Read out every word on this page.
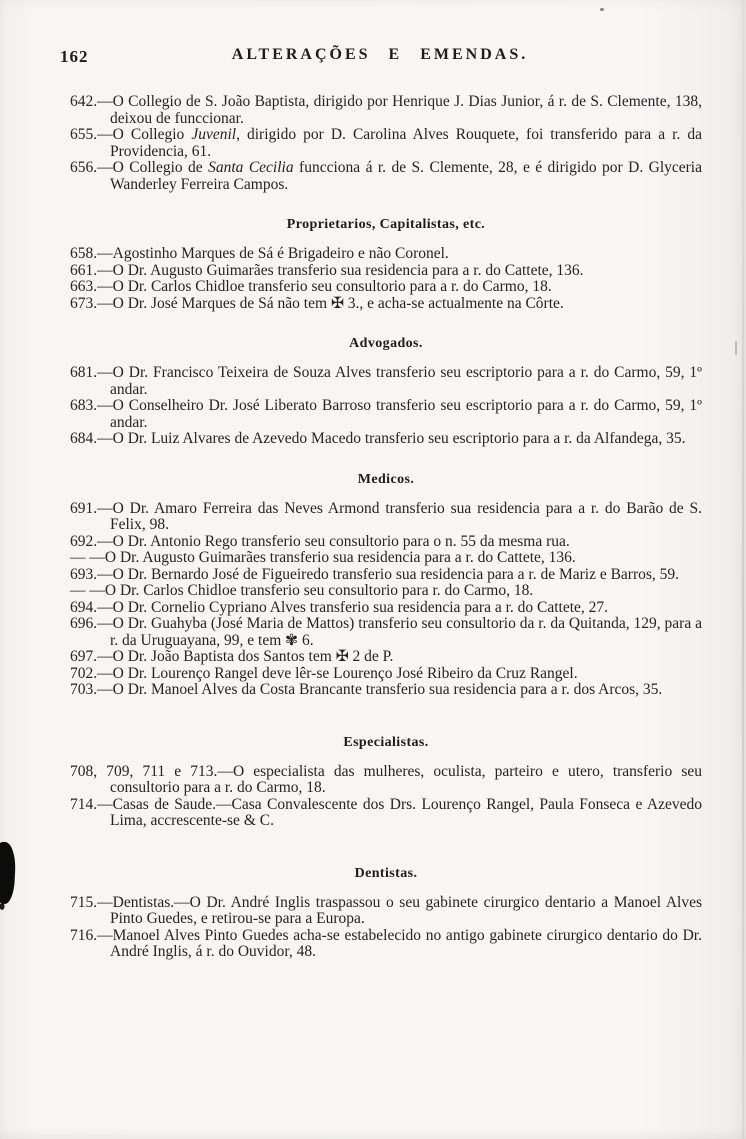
162	ALTERAÇÕES E EMENDAS.

642.—O Collegio de S. João Baptista, dirigido por Henrique J. Dias Junior, á r. de S. Clemente, 138, deixou de funccionar.

655.—O Collegio Juvenil, dirigido por D. Carolina Alves Rouquete, foi transferido para a r. da Providencia, 61.

656.—O Collegio de Santa Cecilia funcciona á r. de S. Clemente, 28, e é dirigido por D. Glyceria Wanderley Ferreira Campos.

Proprietarios, Capitalistas, etc.

658.—Agostinho Marques de Sá é Brigadeiro e não Coronel.

661.—O Dr. Augusto Guimarães transferio sua residencia para a r. do Cattete, 136.

663.—O Dr. Carlos Chidloe transferio seu consultorio para a r. do Carmo, 18.

673.—O Dr. José Marques de Sá não tem ✠ 3., e acha-se actualmente na Côrte.

Advogados.

681.—O Dr. Francisco Teixeira de Souza Alves transferio seu escriptorio para a r. do Carmo, 59, 1º andar.

683.—O Conselheiro Dr. José Liberato Barroso transferio seu escriptorio para a r. do Carmo, 59, 1º andar.

684.—O Dr. Luiz Alvares de Azevedo Macedo transferio seu escriptorio para a r. da Alfandega, 35.

Medicos.

691.—O Dr. Amaro Ferreira das Neves Armond transferio sua residencia para a r. do Barão de S. Felix, 98.

692.—O Dr. Antonio Rego transferio seu consultorio para o n. 55 da mesma rua.

— —O Dr. Augusto Guimarães transferio sua residencia para a r. do Cattete, 136.

693.—O Dr. Bernardo José de Figueiredo transferio sua residencia para a r. de Mariz e Barros, 59.

— —O Dr. Carlos Chidloe transferio seu consultorio para r. do Carmo, 18.

694.—O Dr. Cornelio Cypriano Alves transferio sua residencia para a r. do Cattete, 27.

696.—O Dr. Guahyba (José Maria de Mattos) transferio seu consultorio da r. da Quitanda, 129, para a r. da Uruguayana, 99, e tem ✾ 6.

697.—O Dr. João Baptista dos Santos tem ✠ 2 de P.

702.—O Dr. Lourenço Rangel deve lêr-se Lourenço José Ribeiro da Cruz Rangel.

703.—O Dr. Manoel Alves da Costa Brancante transferio sua residencia para a r. dos Arcos, 35.

Especialistas.

708, 709, 711 e 713.—O especialista das mulheres, oculista, parteiro e utero, transferio seu consultorio para a r. do Carmo, 18.

714.—Casas de Saude.—Casa Convalescente dos Drs. Lourenço Rangel, Paula Fonseca e Azevedo Lima, accrescente-se & C.

Dentistas.

715.—Dentistas.—O Dr. André Inglis traspassou o seu gabinete cirurgico dentario a Manoel Alves Pinto Guedes, e retirou-se para a Europa.

716.—Manoel Alves Pinto Guedes acha-se estabelecido no antigo gabinete cirurgico dentario do Dr. André Inglis, á r. do Ouvidor, 48.
